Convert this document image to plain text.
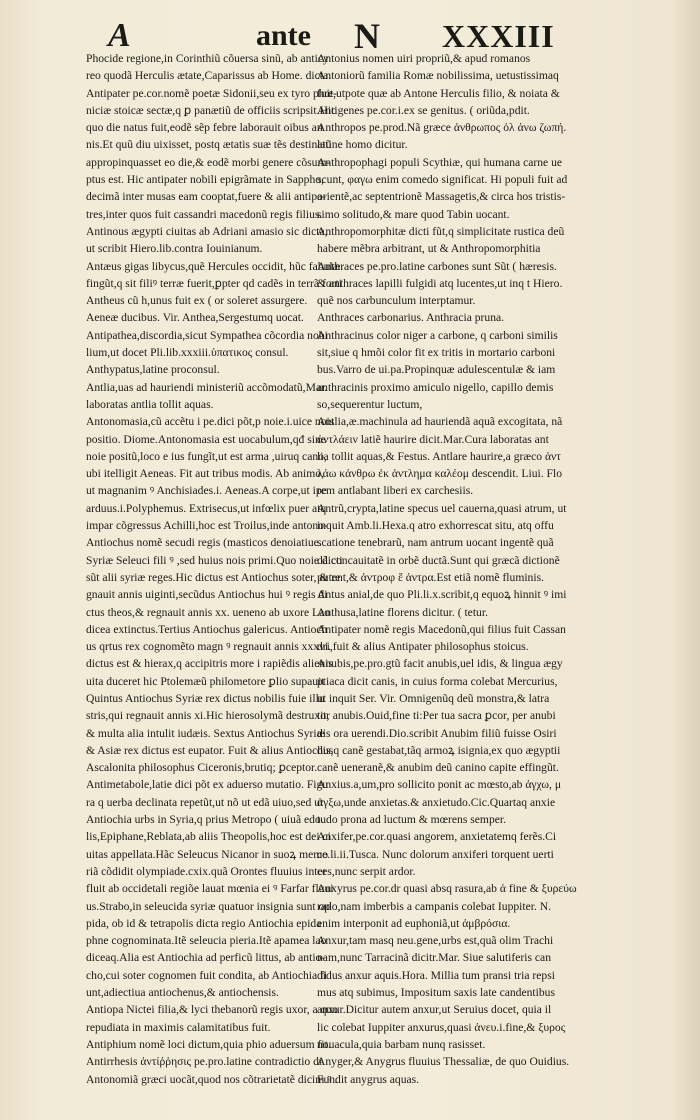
A	ante N XXXIII
Phocide regione,in Corinthiũ cõuersa sinũ, ab anticy
reo quodã Herculis ætate,Caparissus ab Home. dicta.
Antipater pe.cor.nomẽ poetæ Sidonii,seu ex tyro phœ-
niciæ stoicæ sectæ,q ꝑ panætiũ de officiis scripsit.Hic
quo die natus fuit,eodẽ sẽp febre laborauit oibus an
nis.Et quũ diu uixisset, postq ætatis suæ tẽs destinatũ
appropinquasset eo die,& eodẽ morbi genere cõsum-
ptus est. Hic antipater nobili epigrãmate in Sappho,
decimã inter musas eam cooptat,fuere & alii antipa-
tres,inter quos fuit cassandri macedonũ regis filius.
Antinous ægypti ciuitas ab Adriani amasio sic dicta,
ut scribit Hiero.lib.contra Iouinianum.
Antæus gigas libycus,quẽ Hercules occidit, hũc fabulæ
fingũt,q sit filiꝰ terræ fuerit,ꝑpter qd cadẽs in terrã forti
Antheus cũ h,unus fuit ex ( or soleret assurgere.
Aeneæ ducibus. Vir. Anthea,Sergestumq uocat.
Antipathea,discordia,sicut Sympathea cõcordia nobi
lium,ut docet Pli.lib.xxxiii.ὑπατικος consul.
Anthypatus,latine proconsul.
Antlia,uas ad hauriendi ministeriũ accõmodatũ,Mar.
laboratas antlia tollit aquas.
Antonomasia,cũ accẽtu i pe.dici põt,p noie.i.uice nois
positio. Diome.Antonomasia est uocabulum,qđ sine
noie positũ,loco e ius fungĩt,ut est arma ,uiruq cano,
ubi itelligit Aeneas. Fit aut tribus modis. Ab animo,
ut magnanim ꝰ Anchisiades.i. Aeneas.A corpe,ut ipe
arduus.i.Polyphemus. Extrisecus,ut infœlix puer atq
impar cõgressus Achilli,hoc est Troilus,inde antono-
Antiochus nomẽ secudi regis (masticos denoiatiue.
Syriæ Seleuci fili ꝰ ,sed huius nois primi.Quo noie dicti
sũt alii syriæ reges.Hic dictus est Antiochus soter, & re
gnauit annis uiginti,secũdus Antiochus hui ꝰ regis di
ctus theos,& regnauit annis xx. ueneno ab uxore Lao
dicea extinctus.Tertius Antiochus galericus. Antioch
us qrtus rex cognomẽto magn ꝰ regnauit annis xxxvi.
dictus est & hierax,q accipitris more i rapiẽdis alienis
uita duceret hic Ptolemæũ philometore ꝑlio supauit
Quintus Antiochus Syriæ rex dictus nobilis fuie illu
stris,qui regnauit annis xi.Hic hierosolymã destruxit,
& multa alia intulit iudæis. Sextus Antiochus Syriæ
& Asiæ rex dictus est eupator. Fuit & alius Antiochus
Ascalonita philosophus Ciceronis,brutiq; ꝑceptor.
Antimetabole,latie dici põt ex aduerso mutatio. Figu
ra q uerba declinata repetũt,ut nõ ut edã uiuo,sed ut
Antiochia urbs in Syria,q prius Metropo ( uiuã edo.
lis,Epiphane,Reblata,ab aliis Theopolis,hoc est dei ci
uitas appellata.Hãc Seleucus Nicanor in suoꝝ memo
riã cõdidit olympiade.cxix.quã Orontes fluuius inter
fluit ab occidetali regiõe lauat mœnia ei ꝰ Farfar fluui
us.Strabo,in seleucida syriæ quatuor insignia sunt op
pida, ob id & tetrapolis dicta regio Antiochia epida
phne cognominata.Itẽ seleucia pieria.Itẽ apamea lao
diceaq.Alia est Antiochia ad perficũ littus, ab antio-
cho,cui soter cognomen fuit condita, ab Antiochia fi
unt,adiectiua antiochenus,& antiochensis.
Antiopa Nictei filia,& lyci thebanorũ regis uxor, a quo
repudiata in maximis calamitatibus fuit.
Antiphium nomẽ loci dictum,quia phio aduersum fit.
Antirrhesis ἀντίῤῥησις pe.pro.latine contradictio dr.
Antonomiã græci uocãt,quod nos cõtrarietatẽ dicim ꝰ .
Antonius nomen uiri propriũ,& apud romanos
Antoniorũ familia Romæ nobilissima, uetustissimaq
fuit,utpote quæ ab Antone Herculis filio, & noiata &
Antigenes pe.cor.i.ex se genitus. ( oriũda,pdit.
Anthropos pe.prod.Nã græce ἀνθρωπος ὀλ ἀνω ζωπή.
latine homo dicitur.
Anthropophagi populi Scythiæ, qui humana carne ue
scunt, φαγω enim comedo significat. Hi populi fuit ad
orientẽ,ac septentrionẽ Massagetis,& circa hos tristis-
simo solitudo,& mare quod Tabin uocant.
Anthropomorphitæ dicti fũt,q simplicitate rustica deũ
habere mẽbra arbitrant, ut & Anthropomorphitia
Anthraces pe.pro.latine carbones sunt Sũt ( hæresis.
& anthraces lapilli fulgidi atq lucentes,ut inq t Hiero.
quẽ nos carbunculum interptamur.
Anthraces carbonarius. Anthracia pruna.
Anthracinus color niger a carbone, q carboni similis
sit,siue q hmõi color fit ex tritis in mortario carboni
bus.Varro de ui.pa.Propinquæ adulescentulæ & iam
anthracinis proximo amiculo nigello, capillo demis
so,sequerentur luctum,
Antlia,æ.machinula ad hauriendã aquã excogitata, nã
ἀντλάειν latiẽ haurire dicit.Mar.Cura laboratas ant
lia tollit aquas,& Festus. Antlare haurire,a græco ἀντ
λάω κἀνθρω ἐκ ἀντλημα καλέομ descendit. Liui. Flo
rem antlabant liberi ex carchesiis.
Antrũ,crypta,latine specus uel cauerna,quasi atrum, ut
inquit Amb.li.Hexa.q atro exhorrescat situ, atq offu
scatione tenebrarũ, nam antrum uocant ingentẽ quã
dã concauitatẽ in orbẽ ductã.Sunt qui græcã dictionẽ
putent,& ἀντροφ ἔ ἀντρα.Est etiã nomẽ fluminis.
Antus anial,de quo Pli.li.x.scribit,q equoꝝ hinnit ꝰ imi
Anthusa,latine florens dicitur. ( tetur.
Antipater nomẽ regis Macedonũ,qui filius fuit Cassan
dri,fuit & alius Antipater philosophus stoicus.
Anubis,pe.pro.gtũ facit anubis,uel idis, & lingua ægy
ptiaca dicit canis, in cuius forma colebat Mercurius,
ut inquit Ser. Vir. Omnigenũq deũ monstra,& latra
tor anubis.Ouid,fine ti:Per tua sacra ꝑcor, per anubi
dis ora uerendi.Dio.scribit Anubim filiũ fuisse Osiri
dis,q canẽ gestabat,tãq armoꝝ isignia,ex quo ægyptii
canẽ ueneranẽ,& anubim deũ canino capite effingũt.
Anxius.a,um,pro sollicito ponit ac mœsto,ab ἀγχω, μ
ἀγξω,unde anxietas.& anxietudo.Cic.Quartaq anxie
tudo prona ad luctum & mœrens semper.
Anxifer,pe.cor.quasi angorem, anxietatemq ferẽs.Ci
ce.li.ii.Tusca. Nunc dolorum anxiferi torquent uerti
ces,nunc serpit ardor.
Anxyrus pe.cor.dr quasi absq rasura,ab ἀ fine & ξυρεύω
rado,nam imberbis a campanis colebat Iuppiter. N.
enim interponit ad euphoniã,ut ἀμβρόσια.
Anxur,tam masq neu.gene,urbs est,quã olim Trachi
nam,nunc Tarracinã dicitr.Mar. Siue salutiferis can
didus anxur aquis.Hora. Millia tum pransi tria repsi
mus atq subimus, Impositum saxis late candentibus
anxur.Dicitur autem anxur,ut Seruius docet, quia il
lic colebat Iuppiter anxurus,quasi ἀνευ.i.fine,& ξυρος
nouacula,quia barbam nunq rasisset.
Anyger,& Anygrus fluuius Thessaliæ, de quo Ouidius.
Fundit anygrus aquas.
